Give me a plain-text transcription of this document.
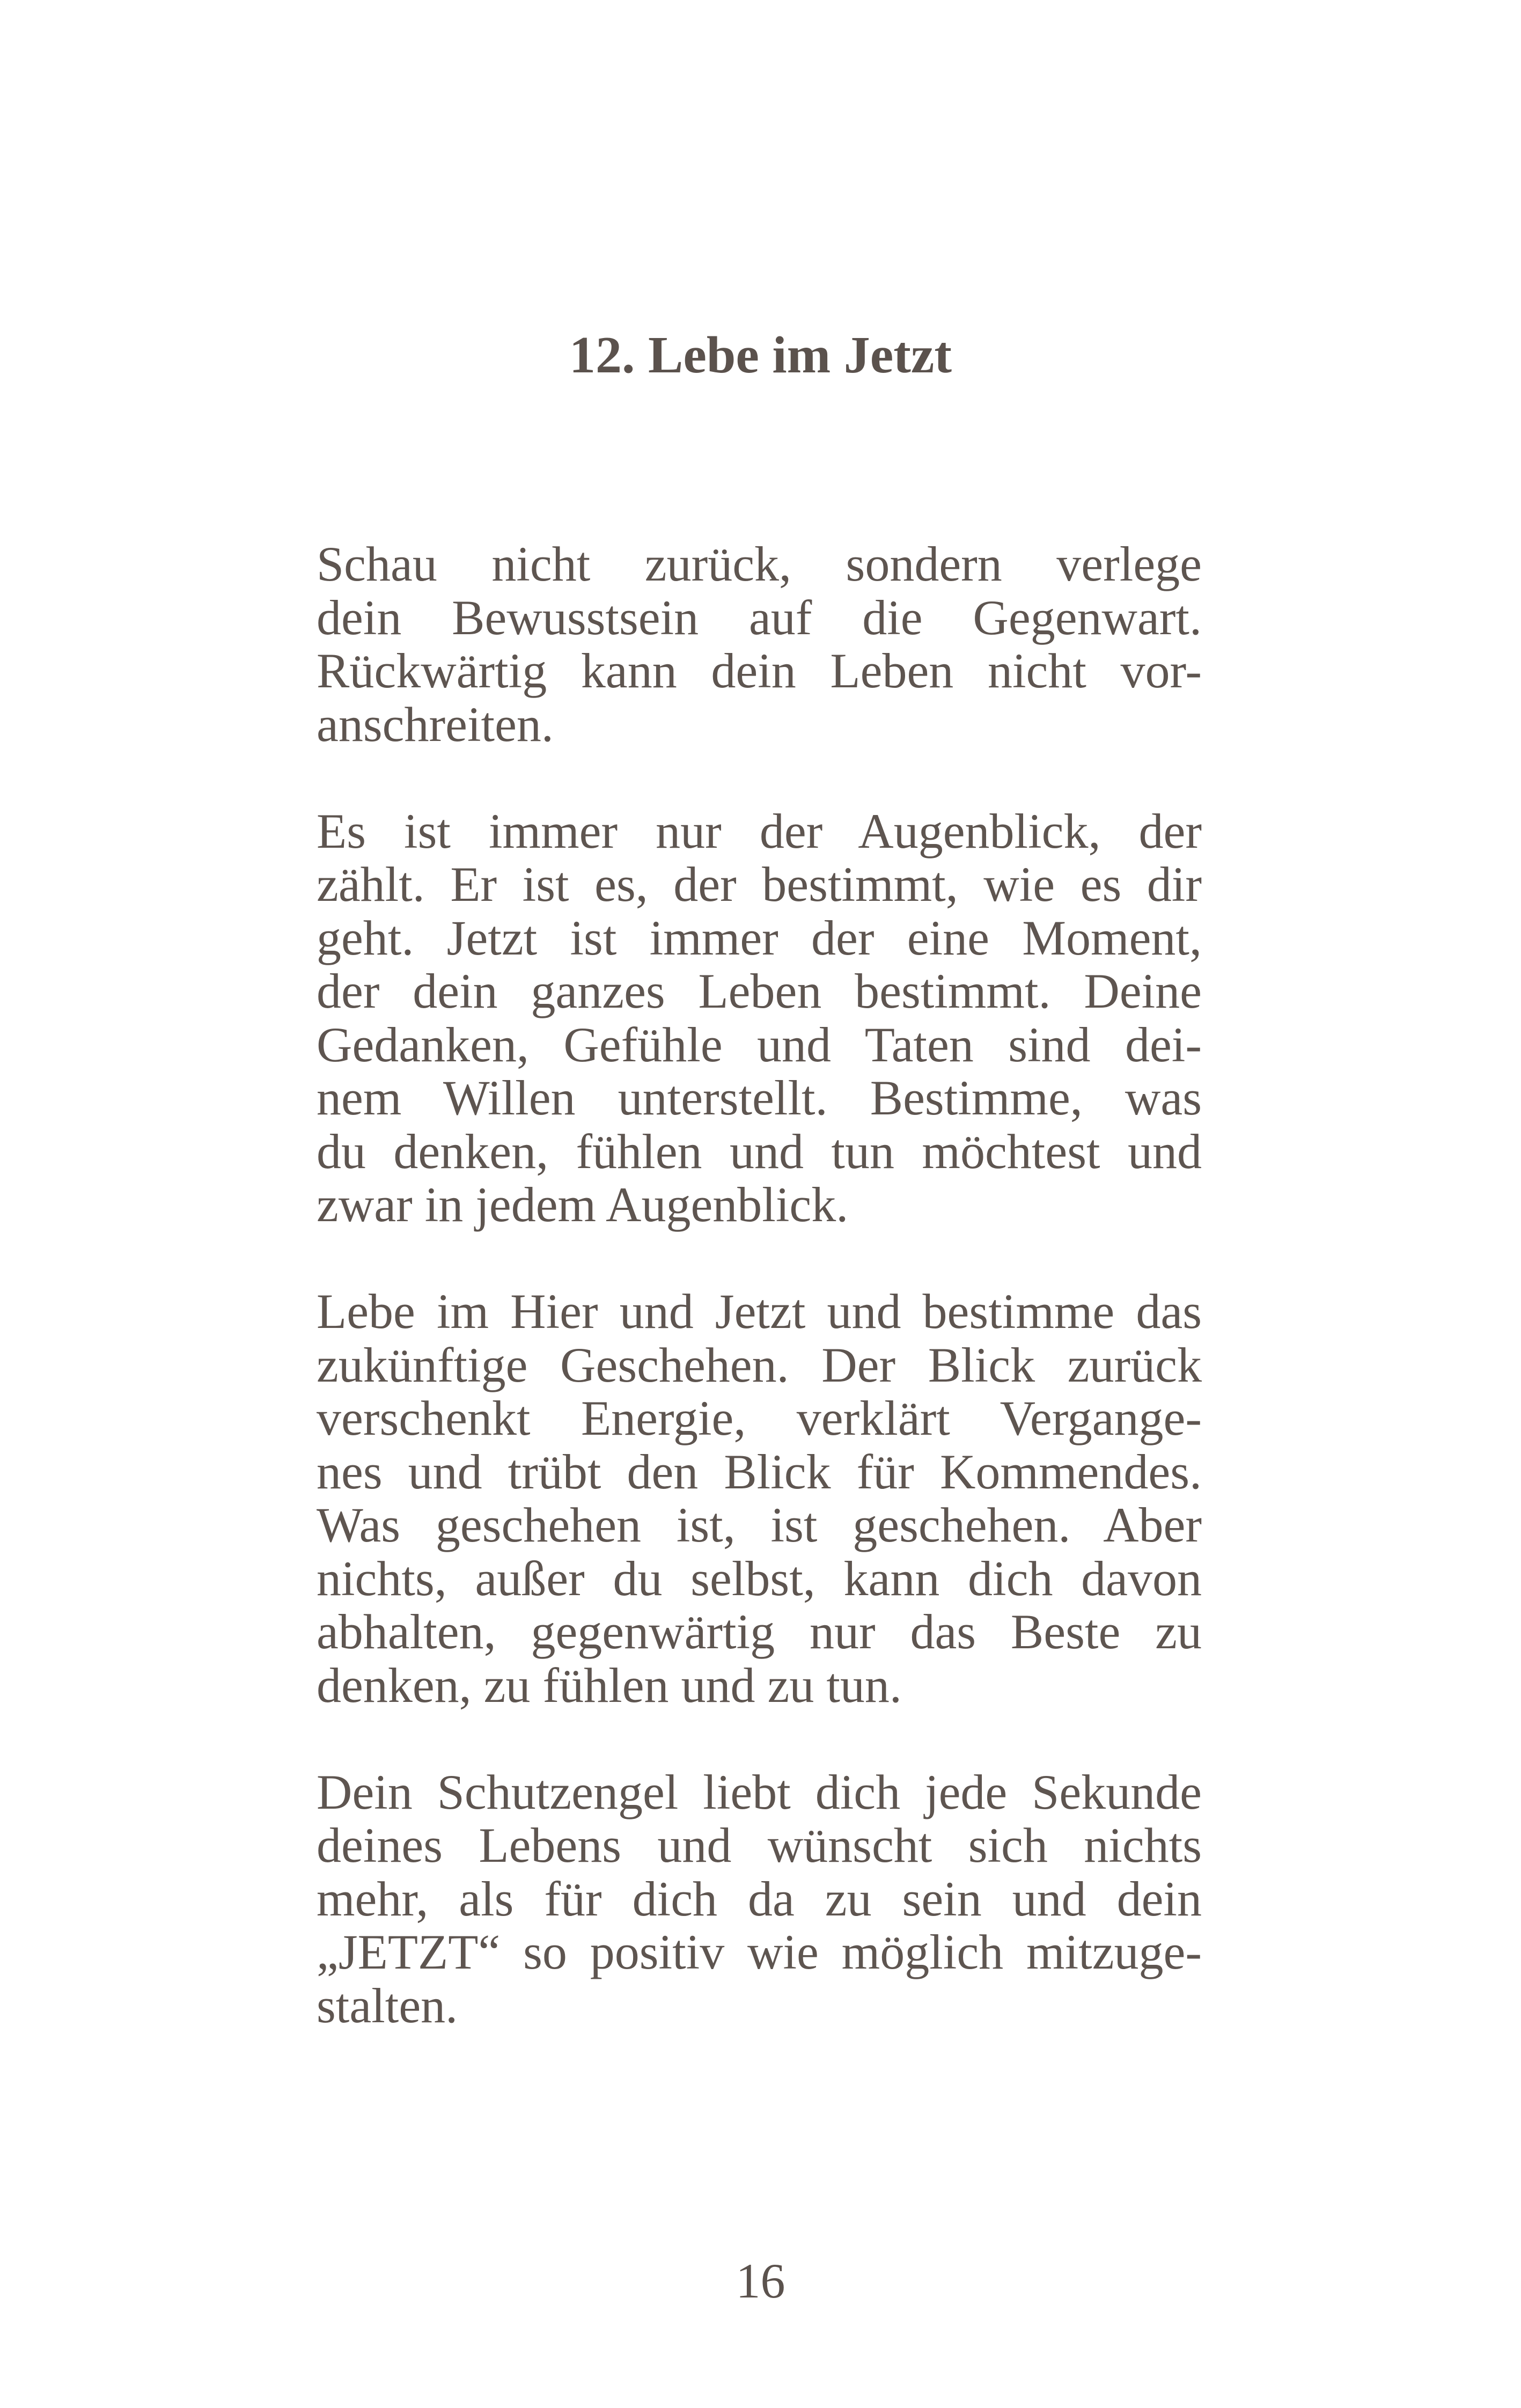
12. Lebe im Jetzt
Schau nicht zurück, sondern verlege
dein Bewusstsein auf die Gegenwart.
Rückwärtig kann dein Leben nicht vor-
anschreiten.
Es ist immer nur der Augenblick, der
zählt. Er ist es, der bestimmt, wie es dir
geht. Jetzt ist immer der eine Moment,
der dein ganzes Leben bestimmt. Deine
Gedanken, Gefühle und Taten sind dei-
nem Willen unterstellt. Bestimme, was
du denken, fühlen und tun möchtest und
zwar in jedem Augenblick.
Lebe im Hier und Jetzt und bestimme das
zukünftige Geschehen. Der Blick zurück
verschenkt Energie, verklärt Vergange-
nes und trübt den Blick für Kommendes.
Was geschehen ist, ist geschehen. Aber
nichts, außer du selbst, kann dich davon
abhalten, gegenwärtig nur das Beste zu
denken, zu fühlen und zu tun.
Dein Schutzengel liebt dich jede Sekunde
deines Lebens und wünscht sich nichts
mehr, als für dich da zu sein und dein
„JETZT“ so positiv wie möglich mitzuge-
stalten.
16
